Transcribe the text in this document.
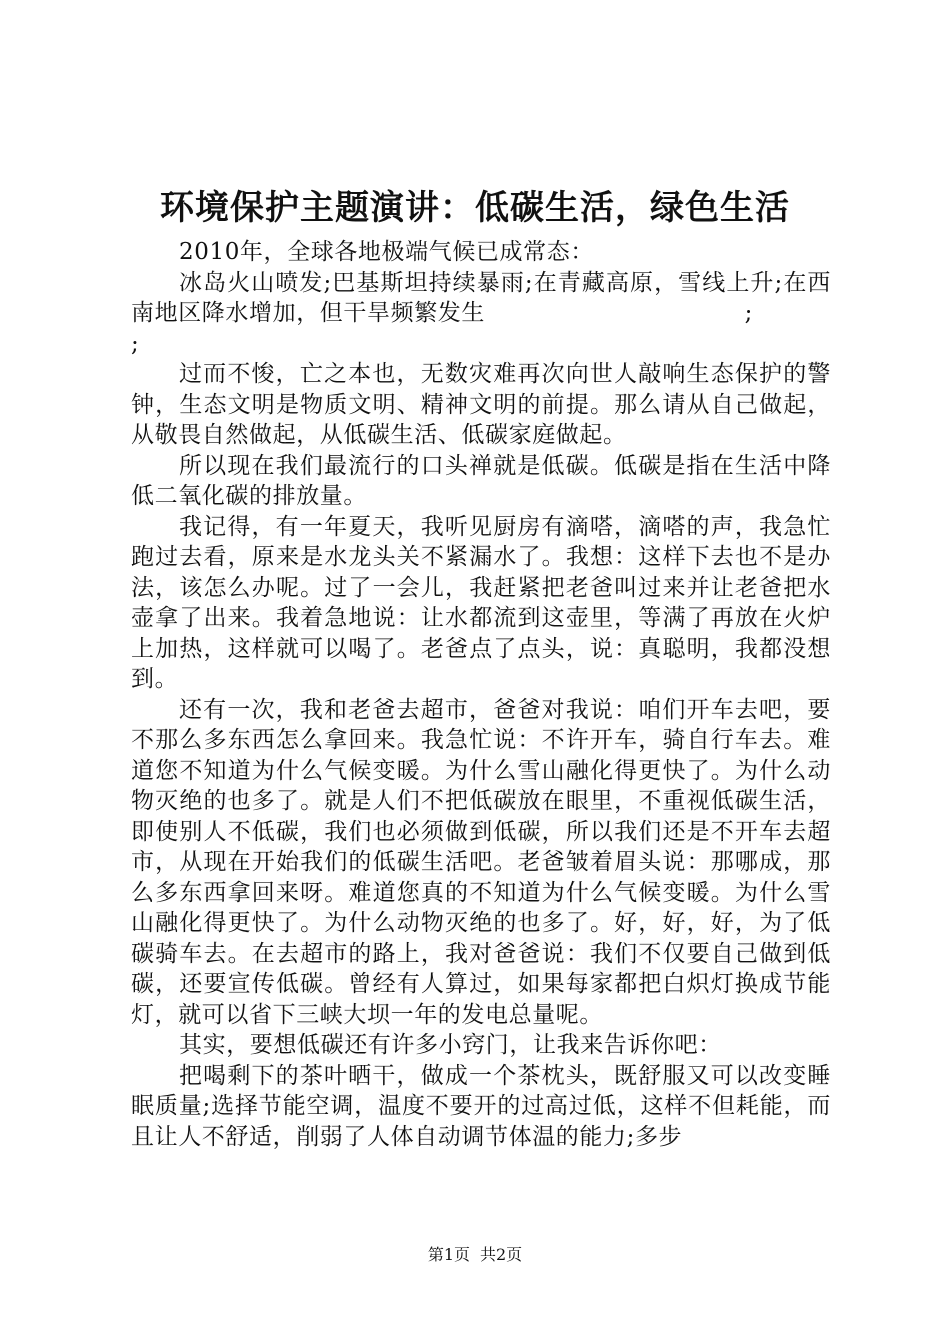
环境保护主题演讲：低碳生活，绿色生活

2010年，全球各地极端气候已成常态：

冰岛火山喷发;巴基斯坦持续暴雨;在青藏高原，雪线上升;在西南地区降水增加，但干旱频繁发生　　　　　　　　　　　;

;

过而不悛，亡之本也，无数灾难再次向世人敲响生态保护的警钟，生态文明是物质文明、精神文明的前提。那么请从自己做起，从敬畏自然做起，从低碳生活、低碳家庭做起。

所以现在我们最流行的口头禅就是低碳。低碳是指在生活中降低二氧化碳的排放量。

我记得，有一年夏天，我听见厨房有滴嗒，滴嗒的声，我急忙跑过去看，原来是水龙头关不紧漏水了。我想：这样下去也不是办法，该怎么办呢。过了一会儿，我赶紧把老爸叫过来并让老爸把水壶拿了出来。我着急地说：让水都流到这壶里，等满了再放在火炉上加热，这样就可以喝了。老爸点了点头，说：真聪明，我都没想到。

还有一次，我和老爸去超市，爸爸对我说：咱们开车去吧，要不那么多东西怎么拿回来。我急忙说：不许开车，骑自行车去。难道您不知道为什么气候变暖。为什么雪山融化得更快了。为什么动物灭绝的也多了。就是人们不把低碳放在眼里，不重视低碳生活，即使别人不低碳，我们也必须做到低碳，所以我们还是不开车去超市，从现在开始我们的低碳生活吧。老爸皱着眉头说：那哪成，那么多东西拿回来呀。难道您真的不知道为什么气候变暖。为什么雪山融化得更快了。为什么动物灭绝的也多了。好，好，好，为了低碳骑车去。在去超市的路上，我对爸爸说：我们不仅要自己做到低碳，还要宣传低碳。曾经有人算过，如果每家都把白炽灯换成节能灯，就可以省下三峡大坝一年的发电总量呢。

其实，要想低碳还有许多小窍门，让我来告诉你吧：

把喝剩下的茶叶晒干，做成一个茶枕头，既舒服又可以改变睡眠质量;选择节能空调，温度不要开的过高过低，这样不但耗能，而且让人不舒适，削弱了人体自动调节体温的能力;多步

第1页 共2页
